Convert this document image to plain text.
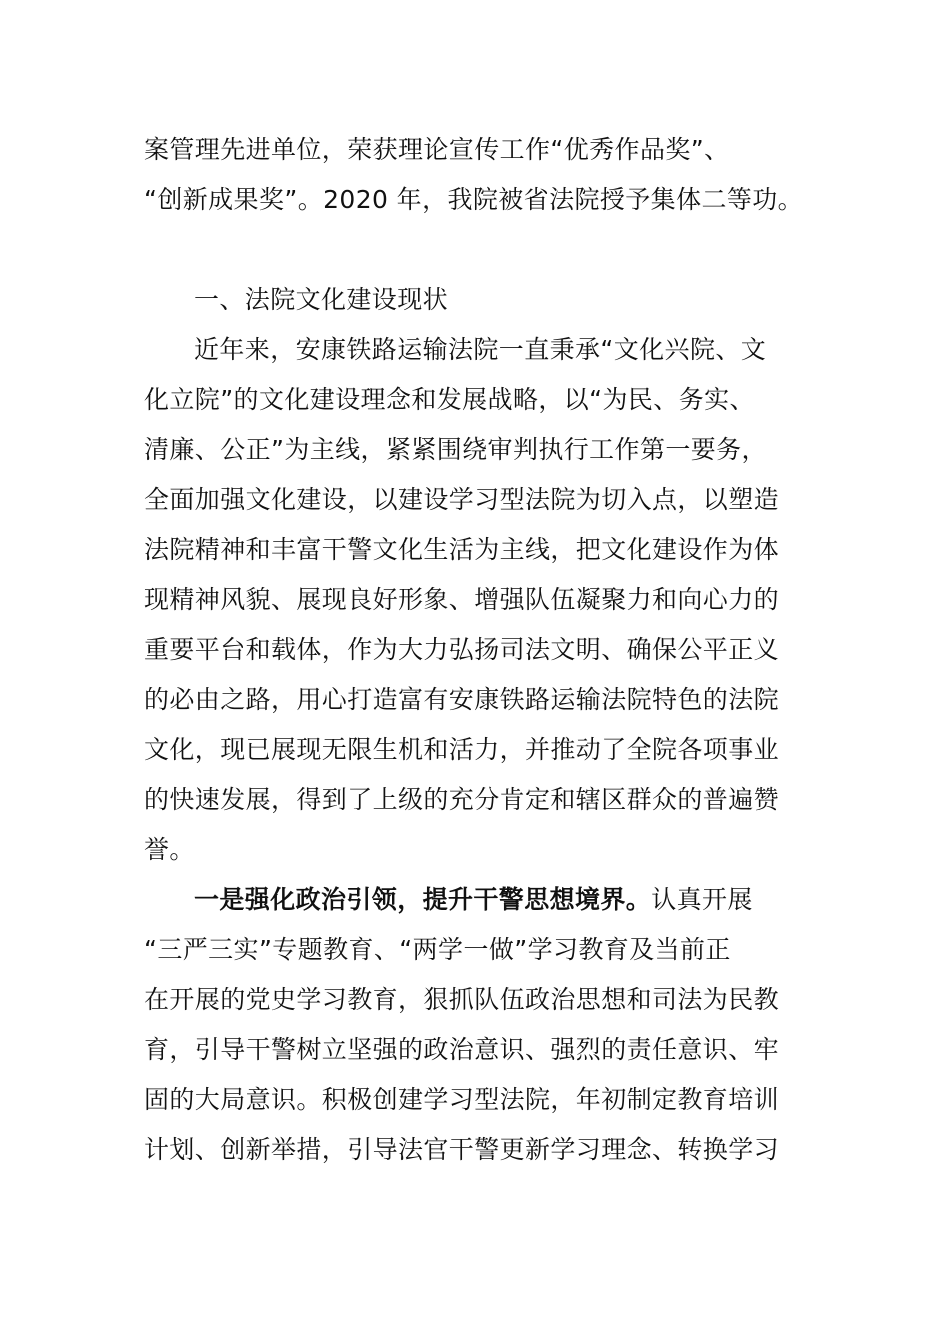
案管理先进单位，荣获理论宣传工作“优秀作品奖”、
“创新成果奖”。2020 年，我院被省法院授予集体二等功。
一、法院文化建设现状
近年来，安康铁路运输法院一直秉承“文化兴院、文
化立院”的文化建设理念和发展战略，以“为民、务实、
清廉、公正”为主线，紧紧围绕审判执行工作第一要务，
全面加强文化建设，以建设学习型法院为切入点，以塑造
法院精神和丰富干警文化生活为主线，把文化建设作为体
现精神风貌、展现良好形象、增强队伍凝聚力和向心力的
重要平台和载体，作为大力弘扬司法文明、确保公平正义
的必由之路，用心打造富有安康铁路运输法院特色的法院
文化，现已展现无限生机和活力，并推动了全院各项事业
的快速发展，得到了上级的充分肯定和辖区群众的普遍赞
誉。
一是强化政治引领，提升干警思想境界。认真开展
“三严三实”专题教育、“两学一做”学习教育及当前正
在开展的党史学习教育，狠抓队伍政治思想和司法为民教
育，引导干警树立坚强的政治意识、强烈的责任意识、牢
固的大局意识。积极创建学习型法院，年初制定教育培训
计划、创新举措，引导法官干警更新学习理念、转换学习
